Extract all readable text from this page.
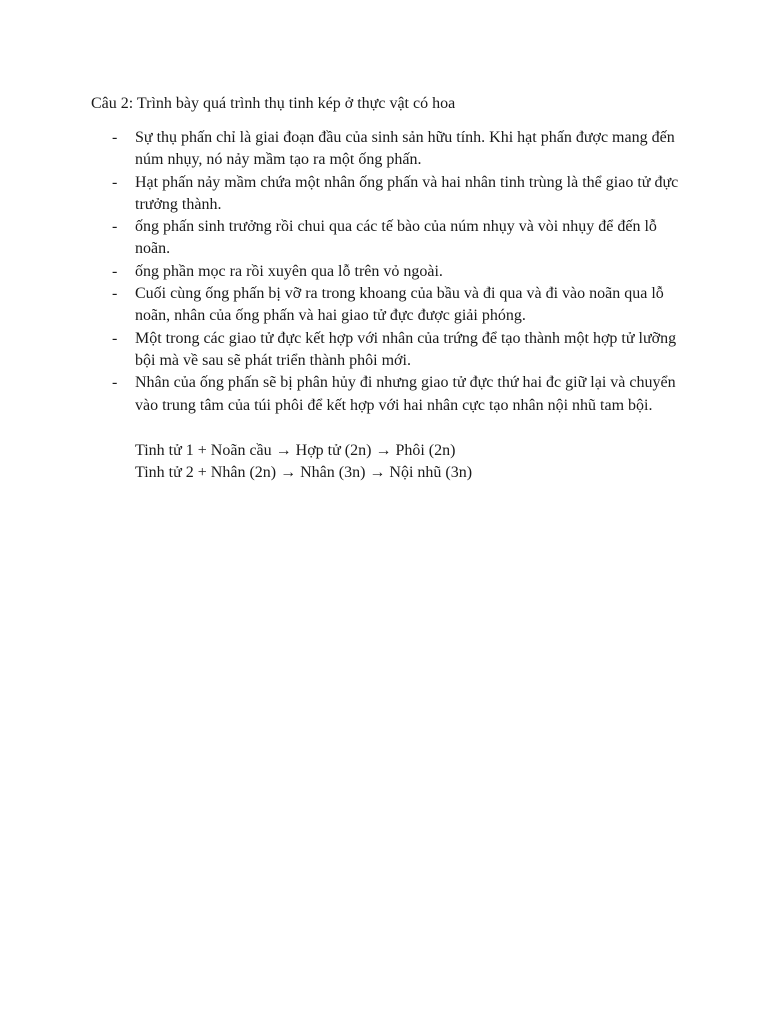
Câu 2: Trình bày quá trình thụ tinh kép ở thực vật có hoa
- Sự thụ phấn chỉ là giai đoạn đầu của sinh sản hữu tính. Khi hạt phấn được mang đến núm nhụy, nó nảy mầm tạo ra một ống phấn.
- Hạt phấn nảy mầm chứa một nhân ống phấn và hai nhân tinh trùng là thể giao tử đực trưởng thành.
- ống phấn sinh trưởng rồi chui qua các tế bào của núm nhụy và vòi nhụy để đến lỗ noãn.
- ống phần mọc ra rồi xuyên qua lỗ trên vỏ ngoài.
- Cuối cùng ống phấn bị vỡ ra trong khoang của bầu và đi qua và đi vào noãn qua lỗ noãn, nhân của ống phấn và hai giao tử đực được giải phóng.
- Một trong các giao tử đực kết hợp với nhân của trứng để tạo thành một hợp tử lưỡng bội mà về sau sẽ phát triển thành phôi mới.
- Nhân của ống phấn sẽ bị phân hủy đi nhưng giao tử đực thứ hai đc giữ lại và chuyển vào trung tâm của túi phôi để kết hợp với hai nhân cực tạo nhân nội nhũ tam bội.
Tinh tử 1 + Noãn cầu → Hợp tử (2n) → Phôi (2n)
Tinh tử 2 + Nhân (2n) → Nhân (3n) → Nội nhũ (3n)
